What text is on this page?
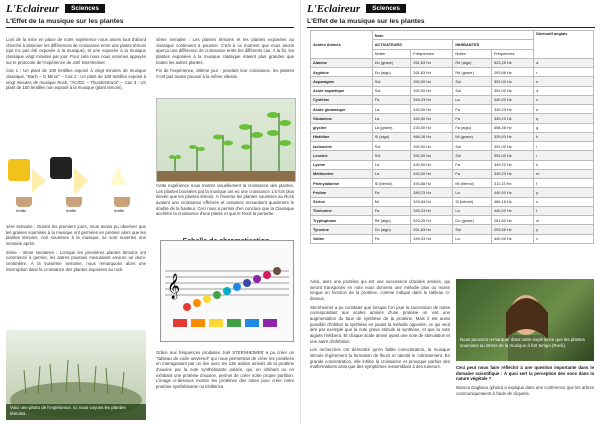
L'Eclaireur	Sciences
L'Effet de la musique sur les plantes

Lors de la mise en place de notre expérience nous avons tout d'abord cherché à observer les différences de croissance entre une plante témoin (qui n'a pas été exposée à la musique), et une exposée à la musique classique vingt minutes par jour. Pour cela nous nous sommes appuyés sur le protocole de l'expérience de Joël Sternheimer.

Cas 1 : Un plant de 100 lentilles exposé à vingt minutes de musique classique, "Bach – G Minor" – Cas 2 : Un plant de 100 lentilles exposé à vingt minutes de musique Rock, "AC/DC – Thunderstruck" – Cas 3 : Un plant de 100 lentilles non exposé à la musique (plant témoin).

lentille	lentille	lentille

1ère semaine : Durant les premiers jours, nous avons pu observer que les graines soumises à la musique ont germées en premier alors que les plantes témoins, non soumises à la musique, se sont ouvertes une semaine après.

2ème - 3ème semaines : Lorsque les premières plantes témoins ont commencé à germer, les autres pousses mesuraient environ un demi-centimètre. À la troisième semaine, nous remarquons alors une interruption dans la croissance des plantes exposées au rock.

Voici une photo de l'expérience. Ici nous voyons les plantes témoins.

4ème semaine : Les plantes témoins et les plantes exposées au classique continuent à pousser. C'est à ce moment que nous avons aperçu une différence de croissance entre les différents cas. À la fin, les plantes exposées à la musique classique étaient plus grandes que toutes les autres plantes.

Fin de l'expérience, 28ème jour : pendant leur croissance, les plantes n'ont pas toutes poussé à la même vitesse.

Cette expérience nous montre visuellement la croissance des plantes. Les plantes boostées par la musique ont eu une croissance 1,5 fois plus élevée que les plantes témoin. À l'inverse les plantes soumises au Rock avaient une croissance effrénée et certaines mesuraient quasiment le double de la hauteur. Ceci nous a permis d'en conclure que la Classique accélère la croissance d'une plante et que le Rock la perturbe.

𝄞

Grâce aux fréquences produites Joël STERNHEIMER a pu créer un "tableau de code universel" qui nous permettrait de créer les protéines en interagissant par un lien avec les 136 acides aminés de la protéine d'auxine par la note synthétisante pulsée, qui, en inhibant ou en exhibant une protéine d'auxine, permet de créer notre propre partition. L'image ci-dessous montre les protéines des notes pour créer notre protéine synthétisante ou inhibitrice.

L'Eclaireur	Sciences
L'Effet de la musique sur les plantes
Acides Aminés	Note				Diminutif anglais
	ACTIVATEURS		INHIBANTES		
	Notes	Fréquences	Notes	Fréquences	
Alanine	Do (grave)	261,63 Hz	Ré (aigu)	523,25 Hz	a
Arginine	Do (aigu)	261,63 Hz	Ré (grave)	293,66 Hz	r
Asparagine	Sol	392,00 Hz	Sol	392,00 Hz	n
Acide aspartique	Sol	392,00 Hz	Sol	392,00 Hz	d
Cystéine	Fa	349,23 Hz	La	440,00 Hz	c
Acide glutamique	La	440,00 Hz	Fa	349,23 Hz	e
Glutamine	La	440,00 Hz	Fa	349,23 Hz	q
glycine	La (grave)	220,00 Hz	Fa (aigu)	698,46 Hz	g
Histidine	Si (aigu)	466,16 Hz	Mi (grave)	329,63 Hz	h
Isoleucine	Sol	392,00 Hz	Sol	392,00 Hz	i
Leucine	Sol	392,00 Hz	Sol	392,00 Hz	l
Lysine	La	440,00 Hz	Fa	349,23 Hz	k
Méthionine	La	440,00 Hz	Fa	349,23 Hz	m
Phénylalanine	Si (bémol)	493,88 Hz	Mi (bémol)	311,13 Hz	f
Proline	Fa	349,23 Hz	La	440,00 Hz	p
Sérine	Mi	329,63 Hz	Si (bémol)	466,16 Hz	s
Thréonine	Fa	349,23 Hz	La	440,00 Hz	t
Tryptophane	Ré (aigu)	523,25 Hz	Do (grave)	261,63 Hz	w
Tyrosine	Do (aigu)	261,63 Hz	Sol	293,66 Hz	y
Valine	Fa	349,23 Hz	La	440,00 Hz	v

Ainsi, avec une protéine qui est une succession d'acides aminés, qui seront transposés en note nous donnera une mélodie plus ou moins longue en fonction de la protéine, comme indiqué dans le tableau ci-dessus.

Sternheimer a pu constater que lorsque l'on joue la succession de notes correspondant aux acides aminés d'une protéine on voit une augmentation du taux de synthèse de la protéine. Mais il est aussi possible d'inhiber la synthèse en jouant la mélodie opposée, ce qui veut dire par exemple que la note grave stimule la synthèse, et que la note aiguës l'inhibera. Et chaque acide aminé ayant une note de stimulation et une autre d'inhibition.

Les recherches ont démontré qu'en faible concentration, la musique stimule légèrement la formation de fleurs et ralentit le mûrissement. En grande concentration, elle inhibe la croissance et provoque parfois des malformations ainsi que des symptômes ressemblant à des tumeurs.

Nous pouvons remarquer dans notre expérience que les plantes soumises au stress de la musique à fort tempo (Rock).

Ceci peut nous faire réfléchir à une question importante dans le domaine scientifique : À quoi sert la perception des sons dans la nature végétale ?

Monica Gagliano (photo) a expliqué dans une conférence que les arbres communiqueraient à l'aide de cliquetis.
